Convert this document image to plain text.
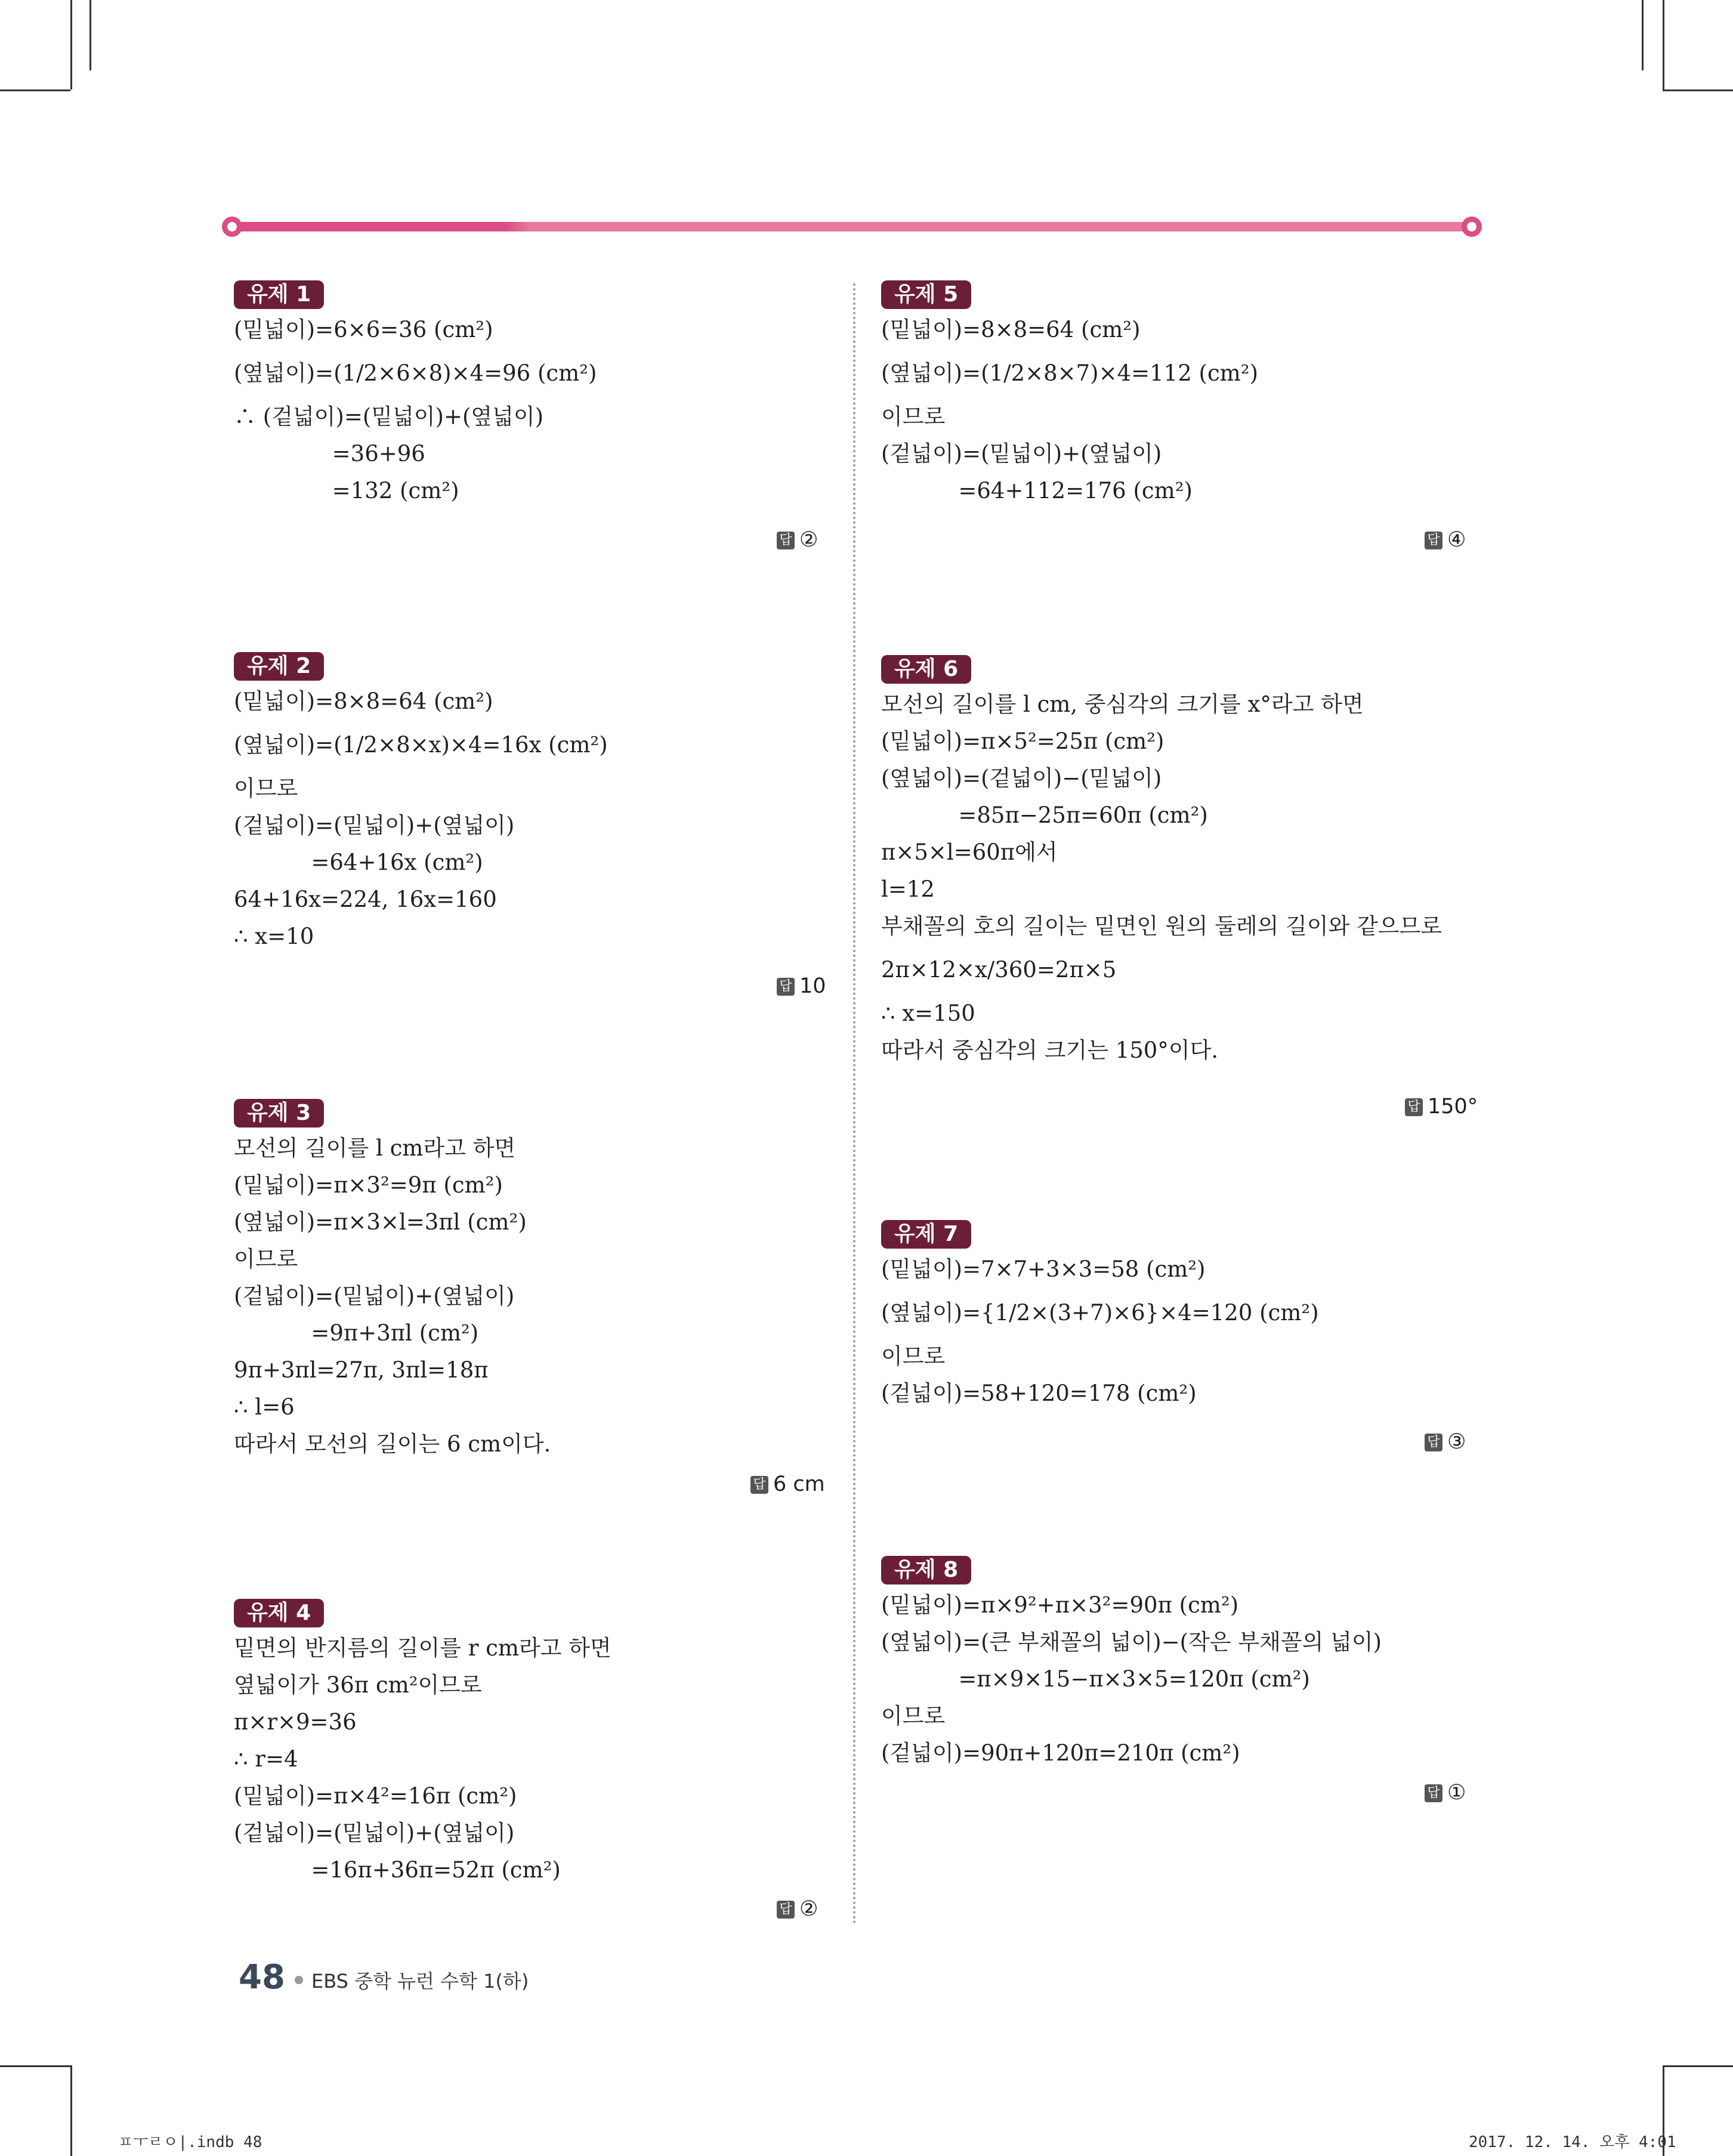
유제 1
(밑넓이)=6×6=36 (cm²)
(옆넓이)=(1/2×6×8)×4=96 (cm²)
∴ (겉넓이)=(밑넓이)+(옆넓이)
=36+96
=132 (cm²)
답 ②
유제 2
(밑넓이)=8×8=64 (cm²)
(옆넓이)=(1/2×8×x)×4=16x (cm²)
이므로
(겉넓이)=(밑넓이)+(옆넓이)
=64+16x (cm²)
64+16x=224, 16x=160
∴ x=10
답 10
유제 3
모선의 길이를 l cm라고 하면
(밑넓이)=π×3²=9π (cm²)
(옆넓이)=π×3×l=3πl (cm²)
이므로
(겉넓이)=(밑넓이)+(옆넓이)
=9π+3πl (cm²)
9π+3πl=27π, 3πl=18π
∴ l=6
따라서 모선의 길이는 6 cm이다.
답 6 cm
유제 4
밑면의 반지름의 길이를 r cm라고 하면
옆넓이가 36π cm²이므로
π×r×9=36
∴ r=4
(밑넓이)=π×4²=16π (cm²)
(겉넓이)=(밑넓이)+(옆넓이)
=16π+36π=52π (cm²)
답 ②
유제 5
(밑넓이)=8×8=64 (cm²)
(옆넓이)=(1/2×8×7)×4=112 (cm²)
이므로
(겉넓이)=(밑넓이)+(옆넓이)
=64+112=176 (cm²)
답 ④
유제 6
모선의 길이를 l cm, 중심각의 크기를 x°라고 하면
(밑넓이)=π×5²=25π (cm²)
(옆넓이)=(겉넓이)−(밑넓이)
=85π−25π=60π (cm²)
π×5×l=60π에서
l=12
부채꼴의 호의 길이는 밑면인 원의 둘레의 길이와 같으므로
2π×12×x/360=2π×5
∴ x=150
따라서 중심각의 크기는 150°이다.
답 150°
유제 7
(밑넓이)=7×7+3×3=58 (cm²)
(옆넓이)={1/2×(3+7)×6}×4=120 (cm²)
이므로
(겉넓이)=58+120=178 (cm²)
답 ③
유제 8
(밑넓이)=π×9²+π×3²=90π (cm²)
(옆넓이)=(큰 부채꼴의 넓이)−(작은 부채꼴의 넓이)
=π×9×15−π×3×5=120π (cm²)
이므로
(겉넓이)=90π+120π=210π (cm²)
답 ①
48 EBS 중학 뉴런 수학 1(하)
ㅍㅜㄹㅇ|.indb 48	2017. 12. 14. 오후 4:01
